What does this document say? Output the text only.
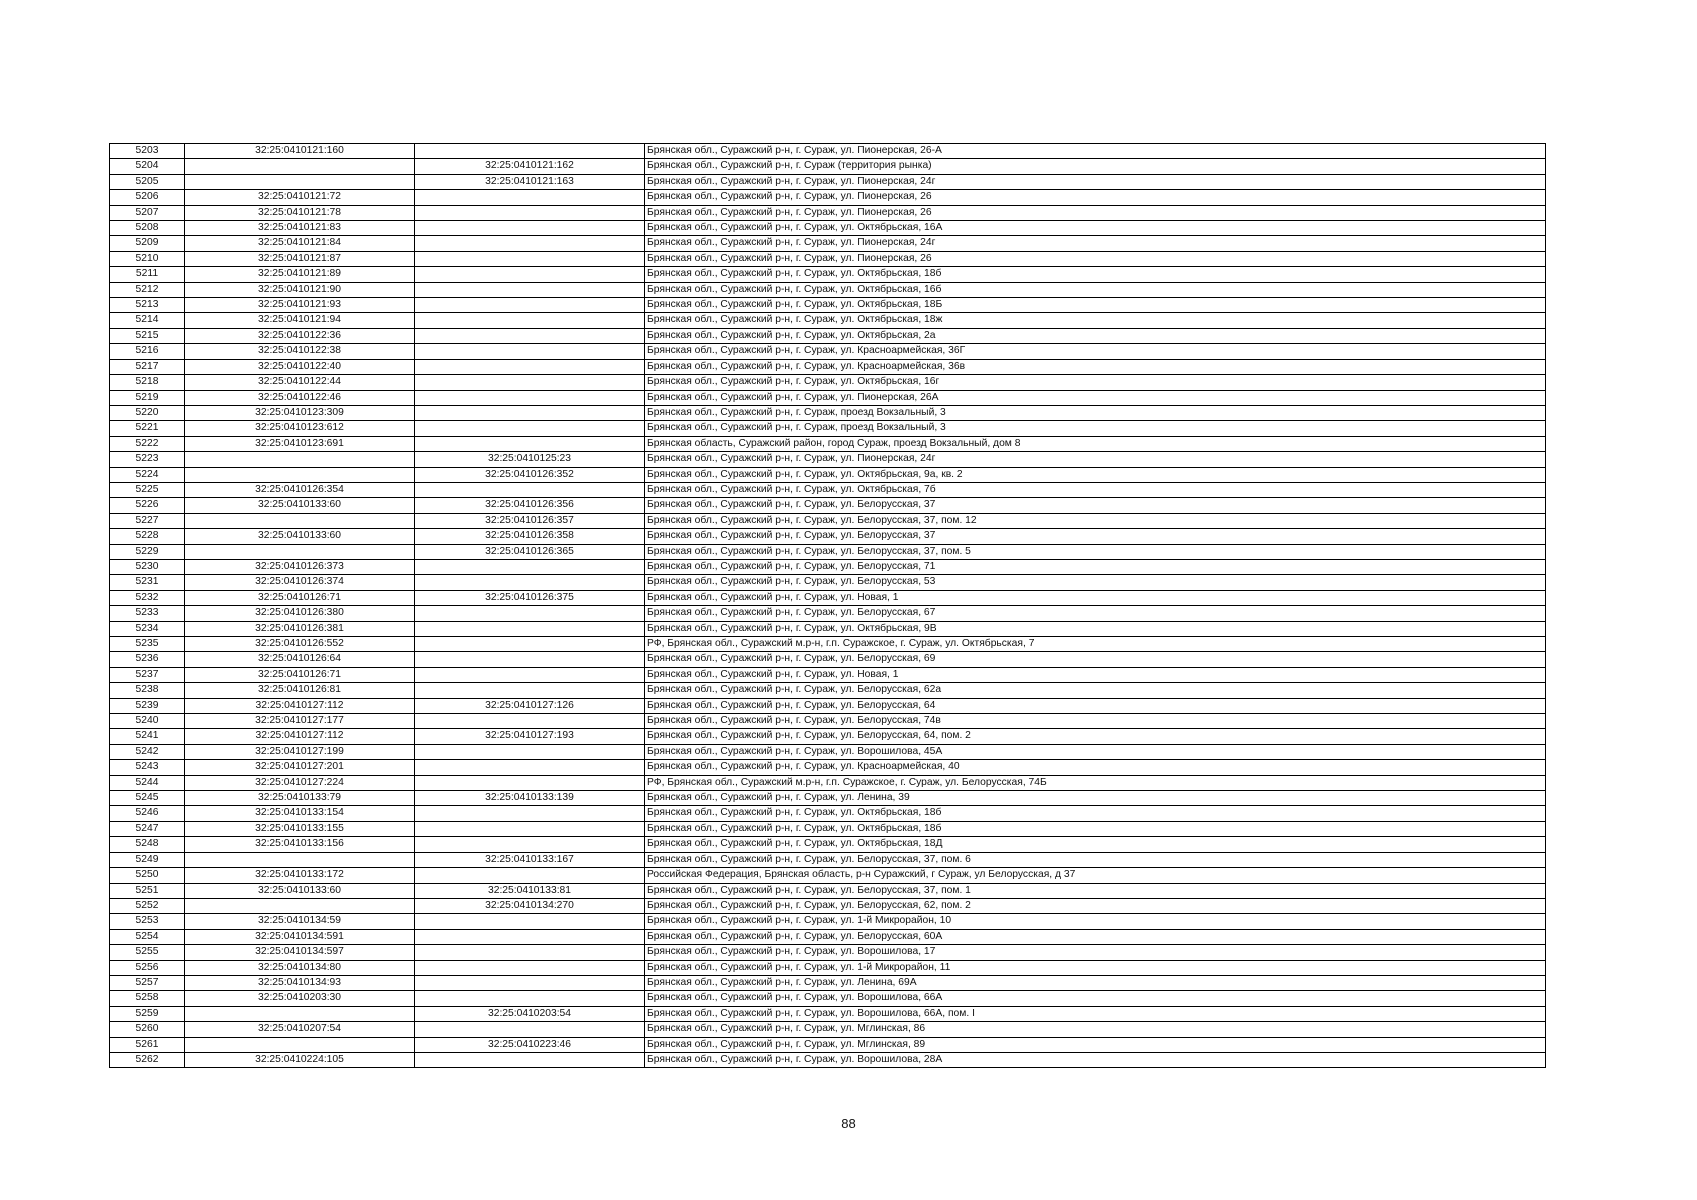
5203	32:25:0410121:160		Брянская обл., Суражский р-н, г. Сураж, ул. Пионерская, 26-А
5204		32:25:0410121:162	Брянская обл., Суражский р-н, г. Сураж (территория рынка)
5205		32:25:0410121:163	Брянская обл., Суражский р-н, г. Сураж, ул. Пионерская, 24г
5206	32:25:0410121:72		Брянская обл., Суражский р-н, г. Сураж, ул. Пионерская, 26
5207	32:25:0410121:78		Брянская обл., Суражский р-н, г. Сураж, ул. Пионерская, 26
5208	32:25:0410121:83		Брянская обл., Суражский р-н, г. Сураж, ул. Октябрьская, 16А
5209	32:25:0410121:84		Брянская обл., Суражский р-н, г. Сураж, ул. Пионерская, 24г
5210	32:25:0410121:87		Брянская обл., Суражский р-н, г. Сураж, ул. Пионерская, 26
5211	32:25:0410121:89		Брянская обл., Суражский р-н, г. Сураж, ул. Октябрьская, 18б
5212	32:25:0410121:90		Брянская обл., Суражский р-н, г. Сураж, ул. Октябрьская, 16б
5213	32:25:0410121:93		Брянская обл., Суражский р-н, г. Сураж, ул. Октябрьская, 18Б
5214	32:25:0410121:94		Брянская обл., Суражский р-н, г. Сураж, ул. Октябрьская, 18ж
5215	32:25:0410122:36		Брянская обл., Суражский р-н, г. Сураж, ул. Октябрьская, 2а
5216	32:25:0410122:38		Брянская обл., Суражский р-н, г. Сураж, ул. Красноармейская, 36Г
5217	32:25:0410122:40		Брянская обл., Суражский р-н, г. Сураж, ул. Красноармейская, 36в
5218	32:25:0410122:44		Брянская обл., Суражский р-н, г. Сураж, ул. Октябрьская, 16г
5219	32:25:0410122:46		Брянская обл., Суражский р-н, г. Сураж, ул. Пионерская, 26А
5220	32:25:0410123:309		Брянская обл., Суражский р-н, г. Сураж, проезд Вокзальный, 3
5221	32:25:0410123:612		Брянская обл., Суражский р-н, г. Сураж, проезд Вокзальный, 3
5222	32:25:0410123:691		Брянская область, Суражский район, город Сураж, проезд Вокзальный, дом 8
5223		32:25:0410125:23	Брянская обл., Суражский р-н, г. Сураж, ул. Пионерская, 24г
5224		32:25:0410126:352	Брянская обл., Суражский р-н, г. Сураж, ул. Октябрьская, 9а, кв. 2
5225	32:25:0410126:354		Брянская обл., Суражский р-н, г. Сураж, ул. Октябрьская, 7б
5226	32:25:0410133:60	32:25:0410126:356	Брянская обл., Суражский р-н, г. Сураж, ул. Белорусская, 37
5227		32:25:0410126:357	Брянская обл., Суражский р-н, г. Сураж, ул. Белорусская, 37, пом. 12
5228	32:25:0410133:60	32:25:0410126:358	Брянская обл., Суражский р-н, г. Сураж, ул. Белорусская, 37
5229		32:25:0410126:365	Брянская обл., Суражский р-н, г. Сураж, ул. Белорусская, 37, пом. 5
5230	32:25:0410126:373		Брянская обл., Суражский р-н, г. Сураж, ул. Белорусская, 71
5231	32:25:0410126:374		Брянская обл., Суражский р-н, г. Сураж, ул. Белорусская, 53
5232	32:25:0410126:71	32:25:0410126:375	Брянская обл., Суражский р-н, г. Сураж, ул. Новая, 1
5233	32:25:0410126:380		Брянская обл., Суражский р-н, г. Сураж, ул. Белорусская, 67
5234	32:25:0410126:381		Брянская обл., Суражский р-н, г. Сураж, ул. Октябрьская, 9В
5235	32:25:0410126:552		РФ, Брянская обл., Суражский м.р-н, г.п. Суражское, г. Сураж, ул. Октябрьская, 7
5236	32:25:0410126:64		Брянская обл., Суражский р-н, г. Сураж, ул. Белорусская, 69
5237	32:25:0410126:71		Брянская обл., Суражский р-н, г. Сураж, ул. Новая, 1
5238	32:25:0410126:81		Брянская обл., Суражский р-н, г. Сураж, ул. Белорусская, 62а
5239	32:25:0410127:112	32:25:0410127:126	Брянская обл., Суражский р-н, г. Сураж, ул. Белорусская, 64
5240	32:25:0410127:177		Брянская обл., Суражский р-н, г. Сураж, ул. Белорусская, 74в
5241	32:25:0410127:112	32:25:0410127:193	Брянская обл., Суражский р-н, г. Сураж, ул. Белорусская, 64, пом. 2
5242	32:25:0410127:199		Брянская обл., Суражский р-н, г. Сураж, ул. Ворошилова, 45А
5243	32:25:0410127:201		Брянская обл., Суражский р-н, г. Сураж, ул. Красноармейская, 40
5244	32:25:0410127:224		РФ, Брянская обл., Суражский м.р-н, г.п. Суражское, г. Сураж, ул. Белорусская, 74Б
5245	32:25:0410133:79	32:25:0410133:139	Брянская обл., Суражский р-н, г. Сураж, ул. Ленина, 39
5246	32:25:0410133:154		Брянская обл., Суражский р-н, г. Сураж, ул. Октябрьская, 18б
5247	32:25:0410133:155		Брянская обл., Суражский р-н, г. Сураж, ул. Октябрьская, 18б
5248	32:25:0410133:156		Брянская обл., Суражский р-н, г. Сураж, ул. Октябрьская, 18Д
5249		32:25:0410133:167	Брянская обл., Суражский р-н, г. Сураж, ул. Белорусская, 37, пом. 6
5250	32:25:0410133:172		Российская Федерация, Брянская область, р-н Суражский, г Сураж, ул Белорусская, д 37
5251	32:25:0410133:60	32:25:0410133:81	Брянская обл., Суражский р-н, г. Сураж, ул. Белорусская, 37, пом. 1
5252		32:25:0410134:270	Брянская обл., Суражский р-н, г. Сураж, ул. Белорусская, 62, пом. 2
5253	32:25:0410134:59		Брянская обл., Суражский р-н, г. Сураж, ул. 1-й Микрорайон, 10
5254	32:25:0410134:591		Брянская обл., Суражский р-н, г. Сураж, ул. Белорусская, 60А
5255	32:25:0410134:597		Брянская обл., Суражский р-н, г. Сураж, ул. Ворошилова, 17
5256	32:25:0410134:80		Брянская обл., Суражский р-н, г. Сураж, ул. 1-й Микрорайон, 11
5257	32:25:0410134:93		Брянская обл., Суражский р-н, г. Сураж, ул. Ленина, 69А
5258	32:25:0410203:30		Брянская обл., Суражский р-н, г. Сураж, ул. Ворошилова, 66А
5259		32:25:0410203:54	Брянская обл., Суражский р-н, г. Сураж, ул. Ворошилова, 66А, пом. I
5260	32:25:0410207:54		Брянская обл., Суражский р-н, г. Сураж, ул. Мглинская, 86
5261		32:25:0410223:46	Брянская обл., Суражский р-н, г. Сураж, ул. Мглинская, 89
5262	32:25:0410224:105		Брянская обл., Суражский р-н, г. Сураж, ул. Ворошилова, 28А
88
